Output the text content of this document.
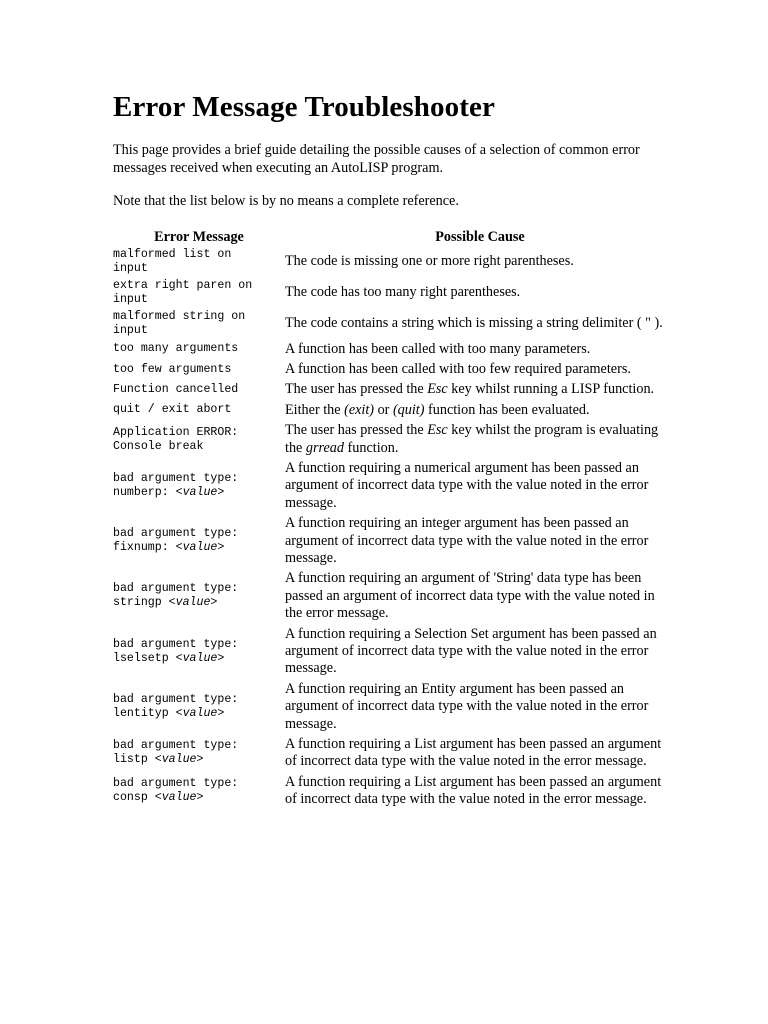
Error Message Troubleshooter

This page provides a brief guide detailing the possible causes of a selection of common error messages received when executing an AutoLISP program.

Note that the list below is by no means a complete reference.

Error Message	Possible Cause
malformed list on
input	The code is missing one or more right parentheses.
extra right paren on
input	The code has too many right parentheses.
malformed string on
input	The code contains a string which is missing a string delimiter ( " ).
too many arguments	A function has been called with too many parameters.
too few arguments	A function has been called with too few required parameters.
Function cancelled	The user has pressed the Esc key whilst running a LISP function.
quit / exit abort	Either the (exit) or (quit) function has been evaluated.
Application ERROR:
Console break	The user has pressed the Esc key whilst the program is evaluating the grread function.
bad argument type:
numberp: <value>	A function requiring a numerical argument has been passed an argument of incorrect data type with the value noted in the error message.
bad argument type:
fixnump: <value>	A function requiring an integer argument has been passed an argument of incorrect data type with the value noted in the error message.
bad argument type:
stringp <value>	A function requiring an argument of 'String' data type has been passed an argument of incorrect data type with the value noted in the error message.
bad argument type:
lselsetp <value>	A function requiring a Selection Set argument has been passed an argument of incorrect data type with the value noted in the error message.
bad argument type:
lentityp <value>	A function requiring an Entity argument has been passed an argument of incorrect data type with the value noted in the error message.
bad argument type:
listp <value>	A function requiring a List argument has been passed an argument of incorrect data type with the value noted in the error message.
bad argument type:
consp <value>	A function requiring a List argument has been passed an argument of incorrect data type with the value noted in the error message.
